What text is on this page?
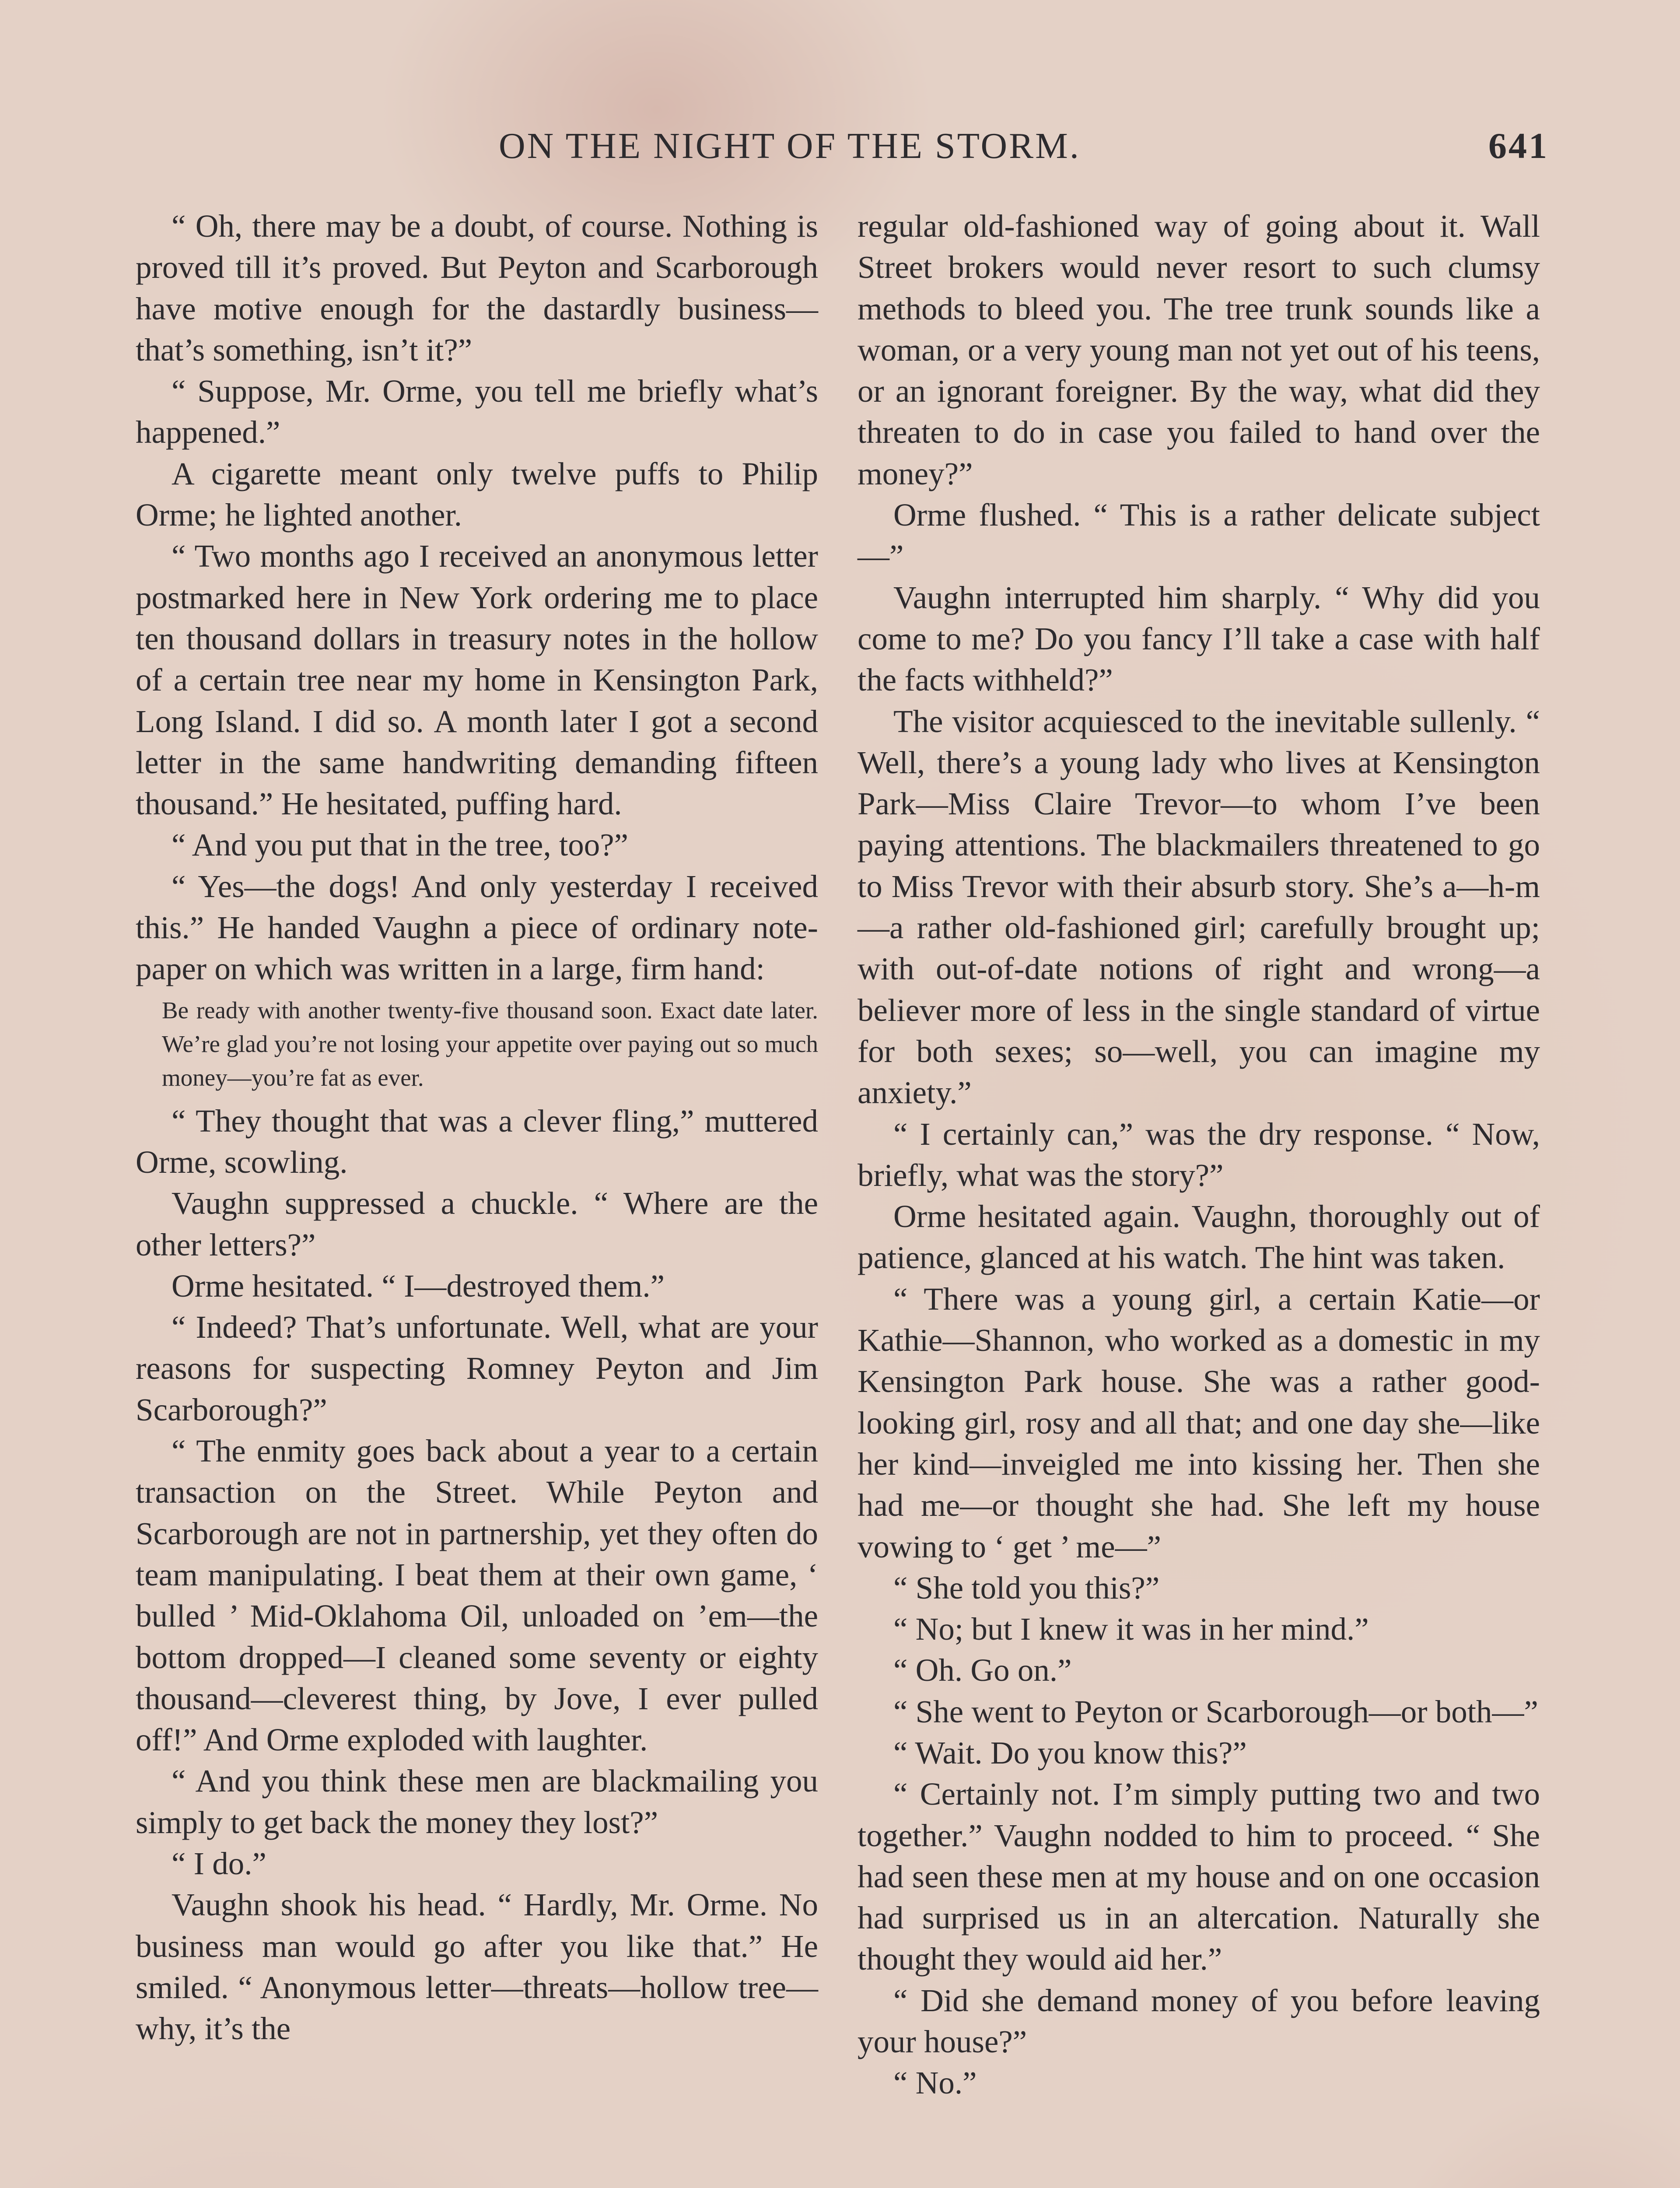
ON THE NIGHT OF THE STORM.	641

“ Oh, there may be a doubt, of course. Nothing is proved till it’s proved. But Peyton and Scarborough have motive enough for the dastardly business—that’s something, isn’t it?”

“ Suppose, Mr. Orme, you tell me briefly what’s happened.”

A cigarette meant only twelve puffs to Philip Orme; he lighted another.

“ Two months ago I received an anonymous letter postmarked here in New York ordering me to place ten thousand dollars in treasury notes in the hollow of a certain tree near my home in Kensington Park, Long Island. I did so. A month later I got a second letter in the same handwriting demanding fifteen thousand.” He hesitated, puffing hard.

“ And you put that in the tree, too?”

“ Yes—the dogs! And only yesterday I received this.” He handed Vaughn a piece of ordinary note-paper on which was written in a large, firm hand:

Be ready with another twenty-five thousand soon. Exact date later. We’re glad you’re not losing your appetite over paying out so much money—you’re fat as ever.

“ They thought that was a clever fling,” muttered Orme, scowling.

Vaughn suppressed a chuckle. “ Where are the other letters?”

Orme hesitated. “ I—destroyed them.”

“ Indeed? That’s unfortunate. Well, what are your reasons for suspecting Romney Peyton and Jim Scarborough?”

“ The enmity goes back about a year to a certain transaction on the Street. While Peyton and Scarborough are not in partnership, yet they often do team manipulating. I beat them at their own game, ‘ bulled ’ Mid-Oklahoma Oil, unloaded on ’em—the bottom dropped—I cleaned some seventy or eighty thousand—cleverest thing, by Jove, I ever pulled off!” And Orme exploded with laughter.

“ And you think these men are blackmailing you simply to get back the money they lost?”

“ I do.”

Vaughn shook his head. “ Hardly, Mr. Orme. No business man would go after you like that.” He smiled. “ Anonymous letter—threats—hollow tree—why, it’s the

regular old-fashioned way of going about it. Wall Street brokers would never resort to such clumsy methods to bleed you. The tree trunk sounds like a woman, or a very young man not yet out of his teens, or an ignorant foreigner. By the way, what did they threaten to do in case you failed to hand over the money?”

Orme flushed. “ This is a rather delicate subject—”

Vaughn interrupted him sharply. “ Why did you come to me? Do you fancy I’ll take a case with half the facts withheld?”

The visitor acquiesced to the inevitable sullenly. “ Well, there’s a young lady who lives at Kensington Park—Miss Claire Trevor—to whom I’ve been paying attentions. The blackmailers threatened to go to Miss Trevor with their absurb story. She’s a—h-m—a rather old-fashioned girl; carefully brought up; with out-of-date notions of right and wrong—a believer more of less in the single standard of virtue for both sexes; so—well, you can imagine my anxiety.”

“ I certainly can,” was the dry response. “ Now, briefly, what was the story?”

Orme hesitated again. Vaughn, thoroughly out of patience, glanced at his watch. The hint was taken.

“ There was a young girl, a certain Katie—or Kathie—Shannon, who worked as a domestic in my Kensington Park house. She was a rather good-looking girl, rosy and all that; and one day she—like her kind—inveigled me into kissing her. Then she had me—or thought she had. She left my house vowing to ‘ get ’ me—”

“ She told you this?”

“ No; but I knew it was in her mind.”

“ Oh. Go on.”

“ She went to Peyton or Scarborough—or both—”

“ Wait. Do you know this?”

“ Certainly not. I’m simply putting two and two together.” Vaughn nodded to him to proceed. “ She had seen these men at my house and on one occasion had surprised us in an altercation. Naturally she thought they would aid her.”

“ Did she demand money of you before leaving your house?”

“ No.”
